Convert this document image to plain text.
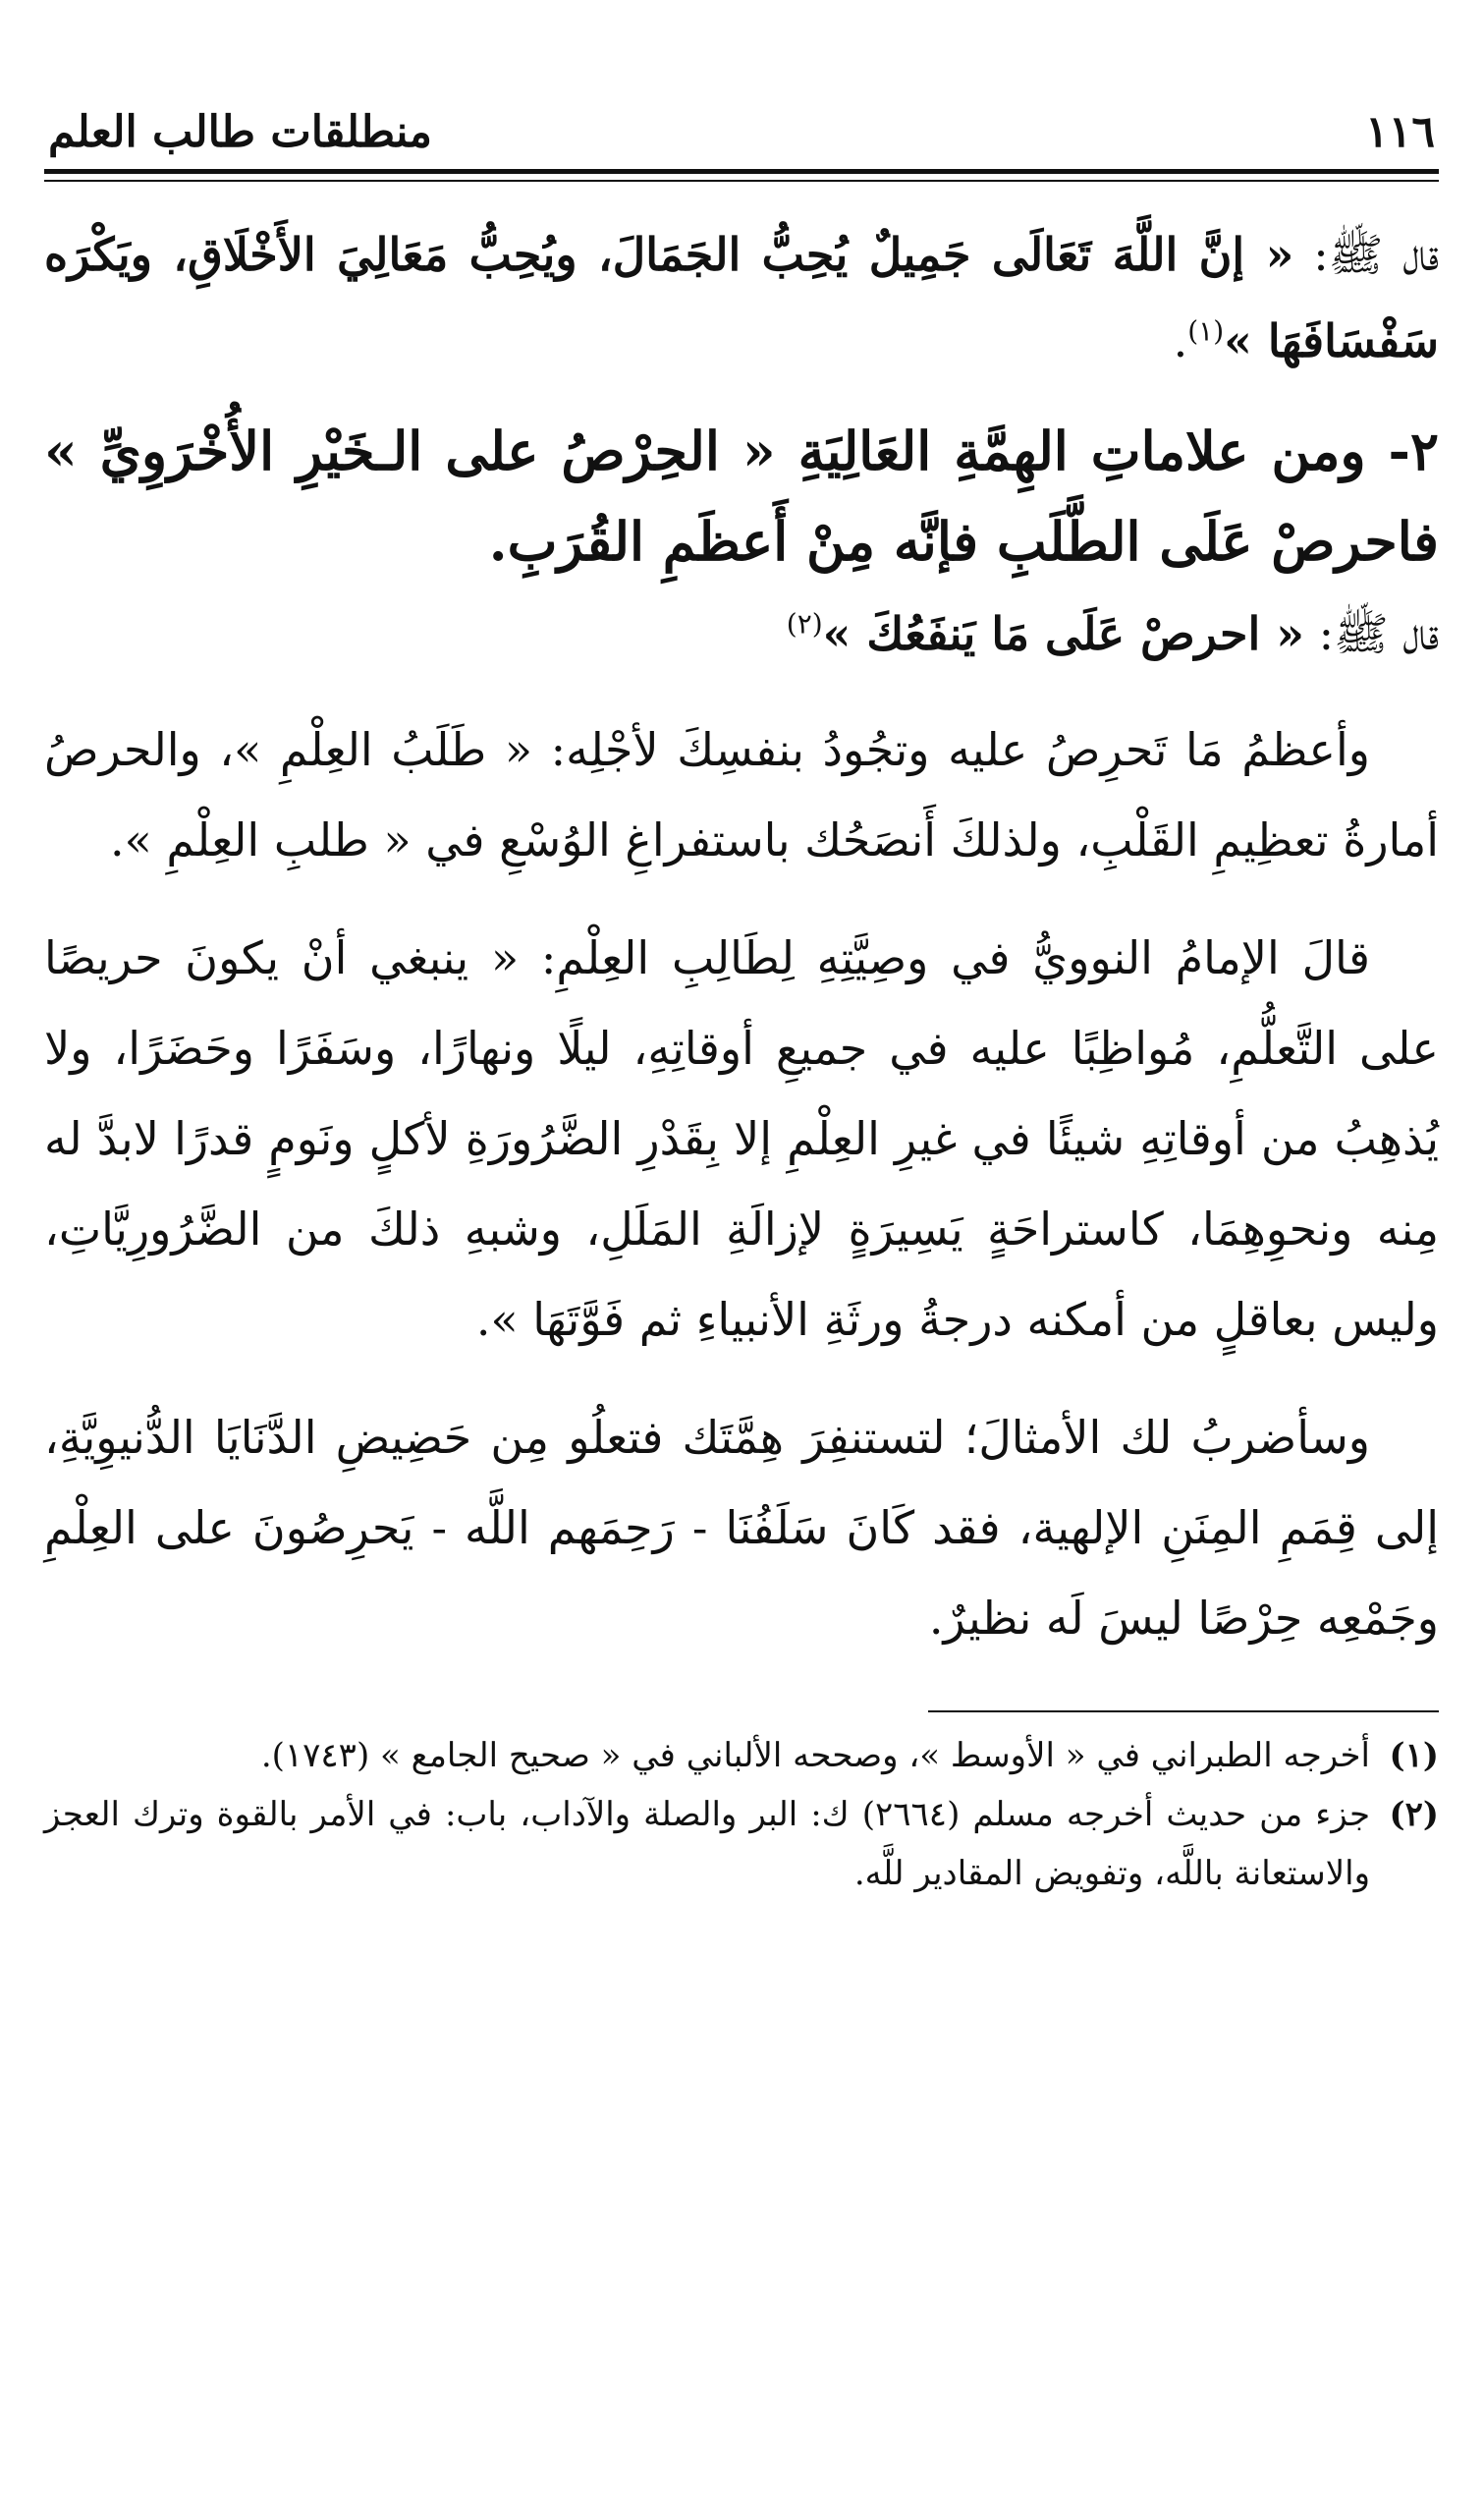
١١٦
منطلقات طالب العلم

قال ﷺ: « إنَّ اللَّهَ تَعَالَى جَمِيلٌ يُحِبُّ الجَمَالَ، ويُحِبُّ مَعَالِيَ الأَخْلَاقِ، ويَكْرَه سَفْسَافَهَا »$^{(١)}$.

٢- ومن علاماتِ الهِمَّةِ العَالِيَةِ « الحِرْصُ على الـخَيْرِ الأُخْرَوِيِّ » فاحرصْ عَلَى الطَّلَبِ فإنَّه مِنْ أَعظَمِ القُرَبِ.

قال ﷺ: « احرصْ عَلَى مَا يَنفَعُكَ »$^{(٢)}$

وأعظمُ مَا تَحرِصُ عليه وتجُودُ بنفسِكَ لأجْلِه: « طَلَبُ العِلْمِ »، والحرصُ أمارةُ تعظِيمِ القَلْبِ، ولذلكَ أَنصَحُك باستفراغِ الوُسْعِ في « طلبِ العِلْمِ ».

قالَ الإمامُ النوويُّ في وصِيَّتِهِ لِطَالِبِ العِلْمِ: « ينبغي أنْ يكونَ حريصًا على التَّعلُّمِ، مُواظِبًا عليه في جميعِ أوقاتِهِ، ليلًا ونهارًا، وسَفَرًا وحَضَرًا، ولا يُذهِبُ من أوقاتِهِ شيئًا في غيرِ العِلْمِ إلا بِقَدْرِ الضَّرُورَةِ لأكلٍ ونَومٍ قدرًا لابدَّ له مِنه ونحوِهِمَا، كاستراحَةٍ يَسِيرَةٍ لإزالَةِ المَلَلِ، وشبهِ ذلكَ من الضَّرُورِيَّاتِ، وليس بعاقلٍ من أمكنه درجةُ ورثَةِ الأنبياءِ ثم فَوَّتَهَا ».

وسأضربُ لك الأمثالَ؛ لتستنفِرَ هِمَّتَك فتعلُو مِن حَضِيضِ الدَّنَايَا الدُّنيوِيَّةِ، إلى قِمَمِ المِنَنِ الإلهية، فقد كَانَ سَلَفُنَا - رَحِمَهم اللَّه - يَحرِصُونَ على العِلْمِ وجَمْعِه حِرْصًا ليسَ لَه نظيرٌ.

(١)
أخرجه الطبراني في « الأوسط »، وصححه الألباني في « صحيح الجامع » (١٧٤٣).
(٢)
جزء من حديث أخرجه مسلم (٢٦٦٤) ك: البر والصلة والآداب، باب: في الأمر بالقوة وترك العجز والاستعانة باللَّه، وتفويض المقادير للَّه.
